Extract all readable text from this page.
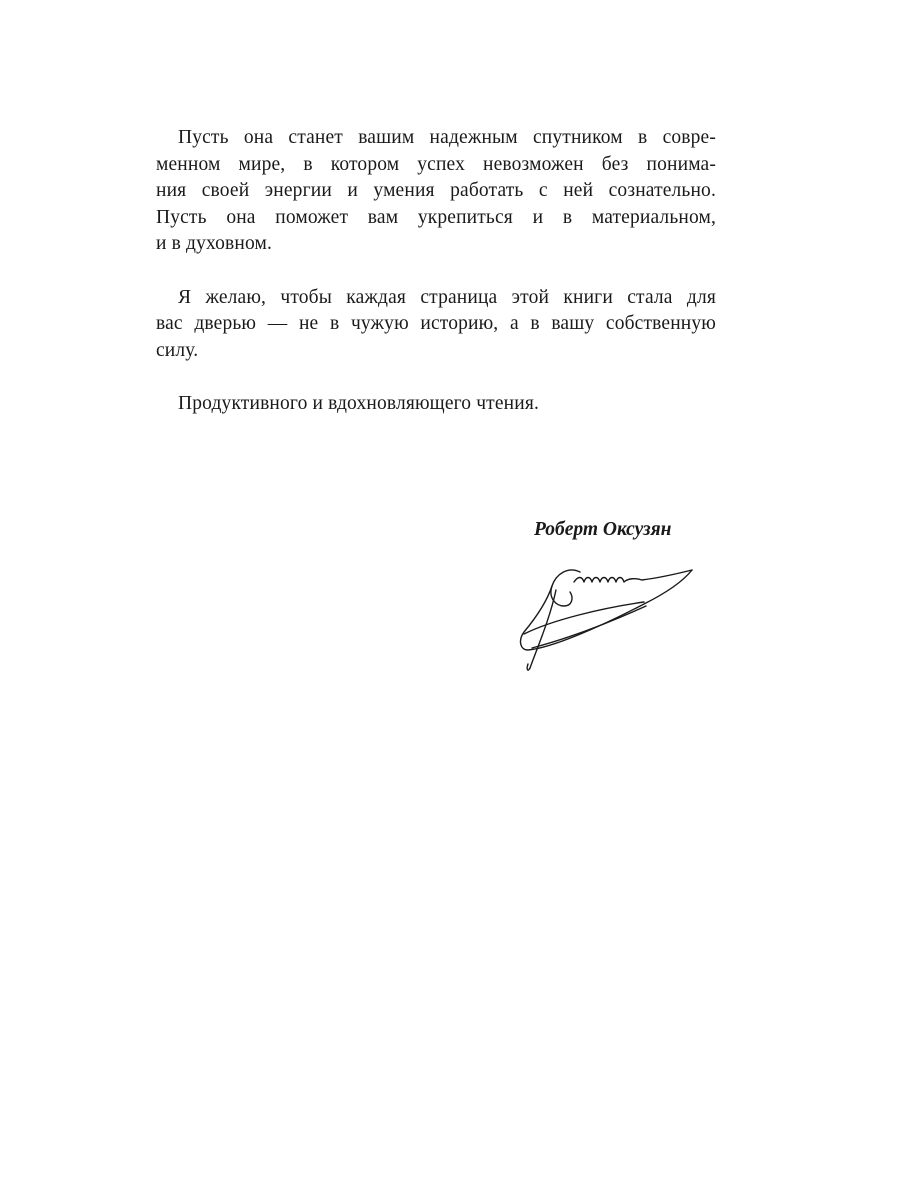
Пусть она станет вашим надежным спутником в совре-
менном мире, в котором успех невозможен без понима-
ния своей энергии и умения работать с ней сознательно.
Пусть она поможет вам укрепиться и в материальном,
и в духовном.
Я желаю, чтобы каждая страница этой книги стала для
вас дверью — не в чужую историю, а в вашу собственную
силу.
Продуктивного и вдохновляющего чтения.
Роберт Оксузян
